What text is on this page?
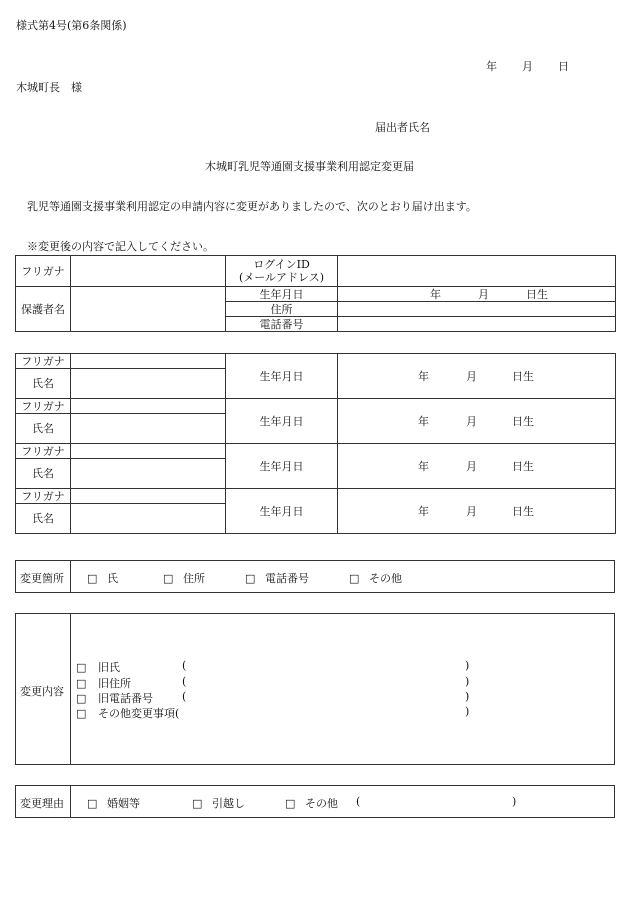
様式第4号(第6条関係)
年 月 日
木城町長　様
届出者氏名
木城町乳児等通園支援事業利用認定変更届
乳児等通園支援事業利用認定の申請内容に変更がありましたので、次のとおり届け出ます。
※変更後の内容で記入してください。
フリガナ		ログインID
(メールアドレス)	

保護者名		生年月日	年 月 日生

		住所	
		電話番号	
フリガナ		生年月日	年 月 日生

氏名			
フリガナ		生年月日	年 月 日生

氏名			
フリガナ		生年月日	年 月 日生

氏名			
フリガナ		生年月日	年 月 日生

氏名			
変更箇所 □ 氏	□ 住所	□ 電話番号	□ その他
変更内容
□ 旧氏	(	)
□ 旧住所	(	)
□ 旧電話番号	(	)
□ その他変更事項(	)
変更理由 □ 婚姻等	□ 引越し	□ その他 (	)
